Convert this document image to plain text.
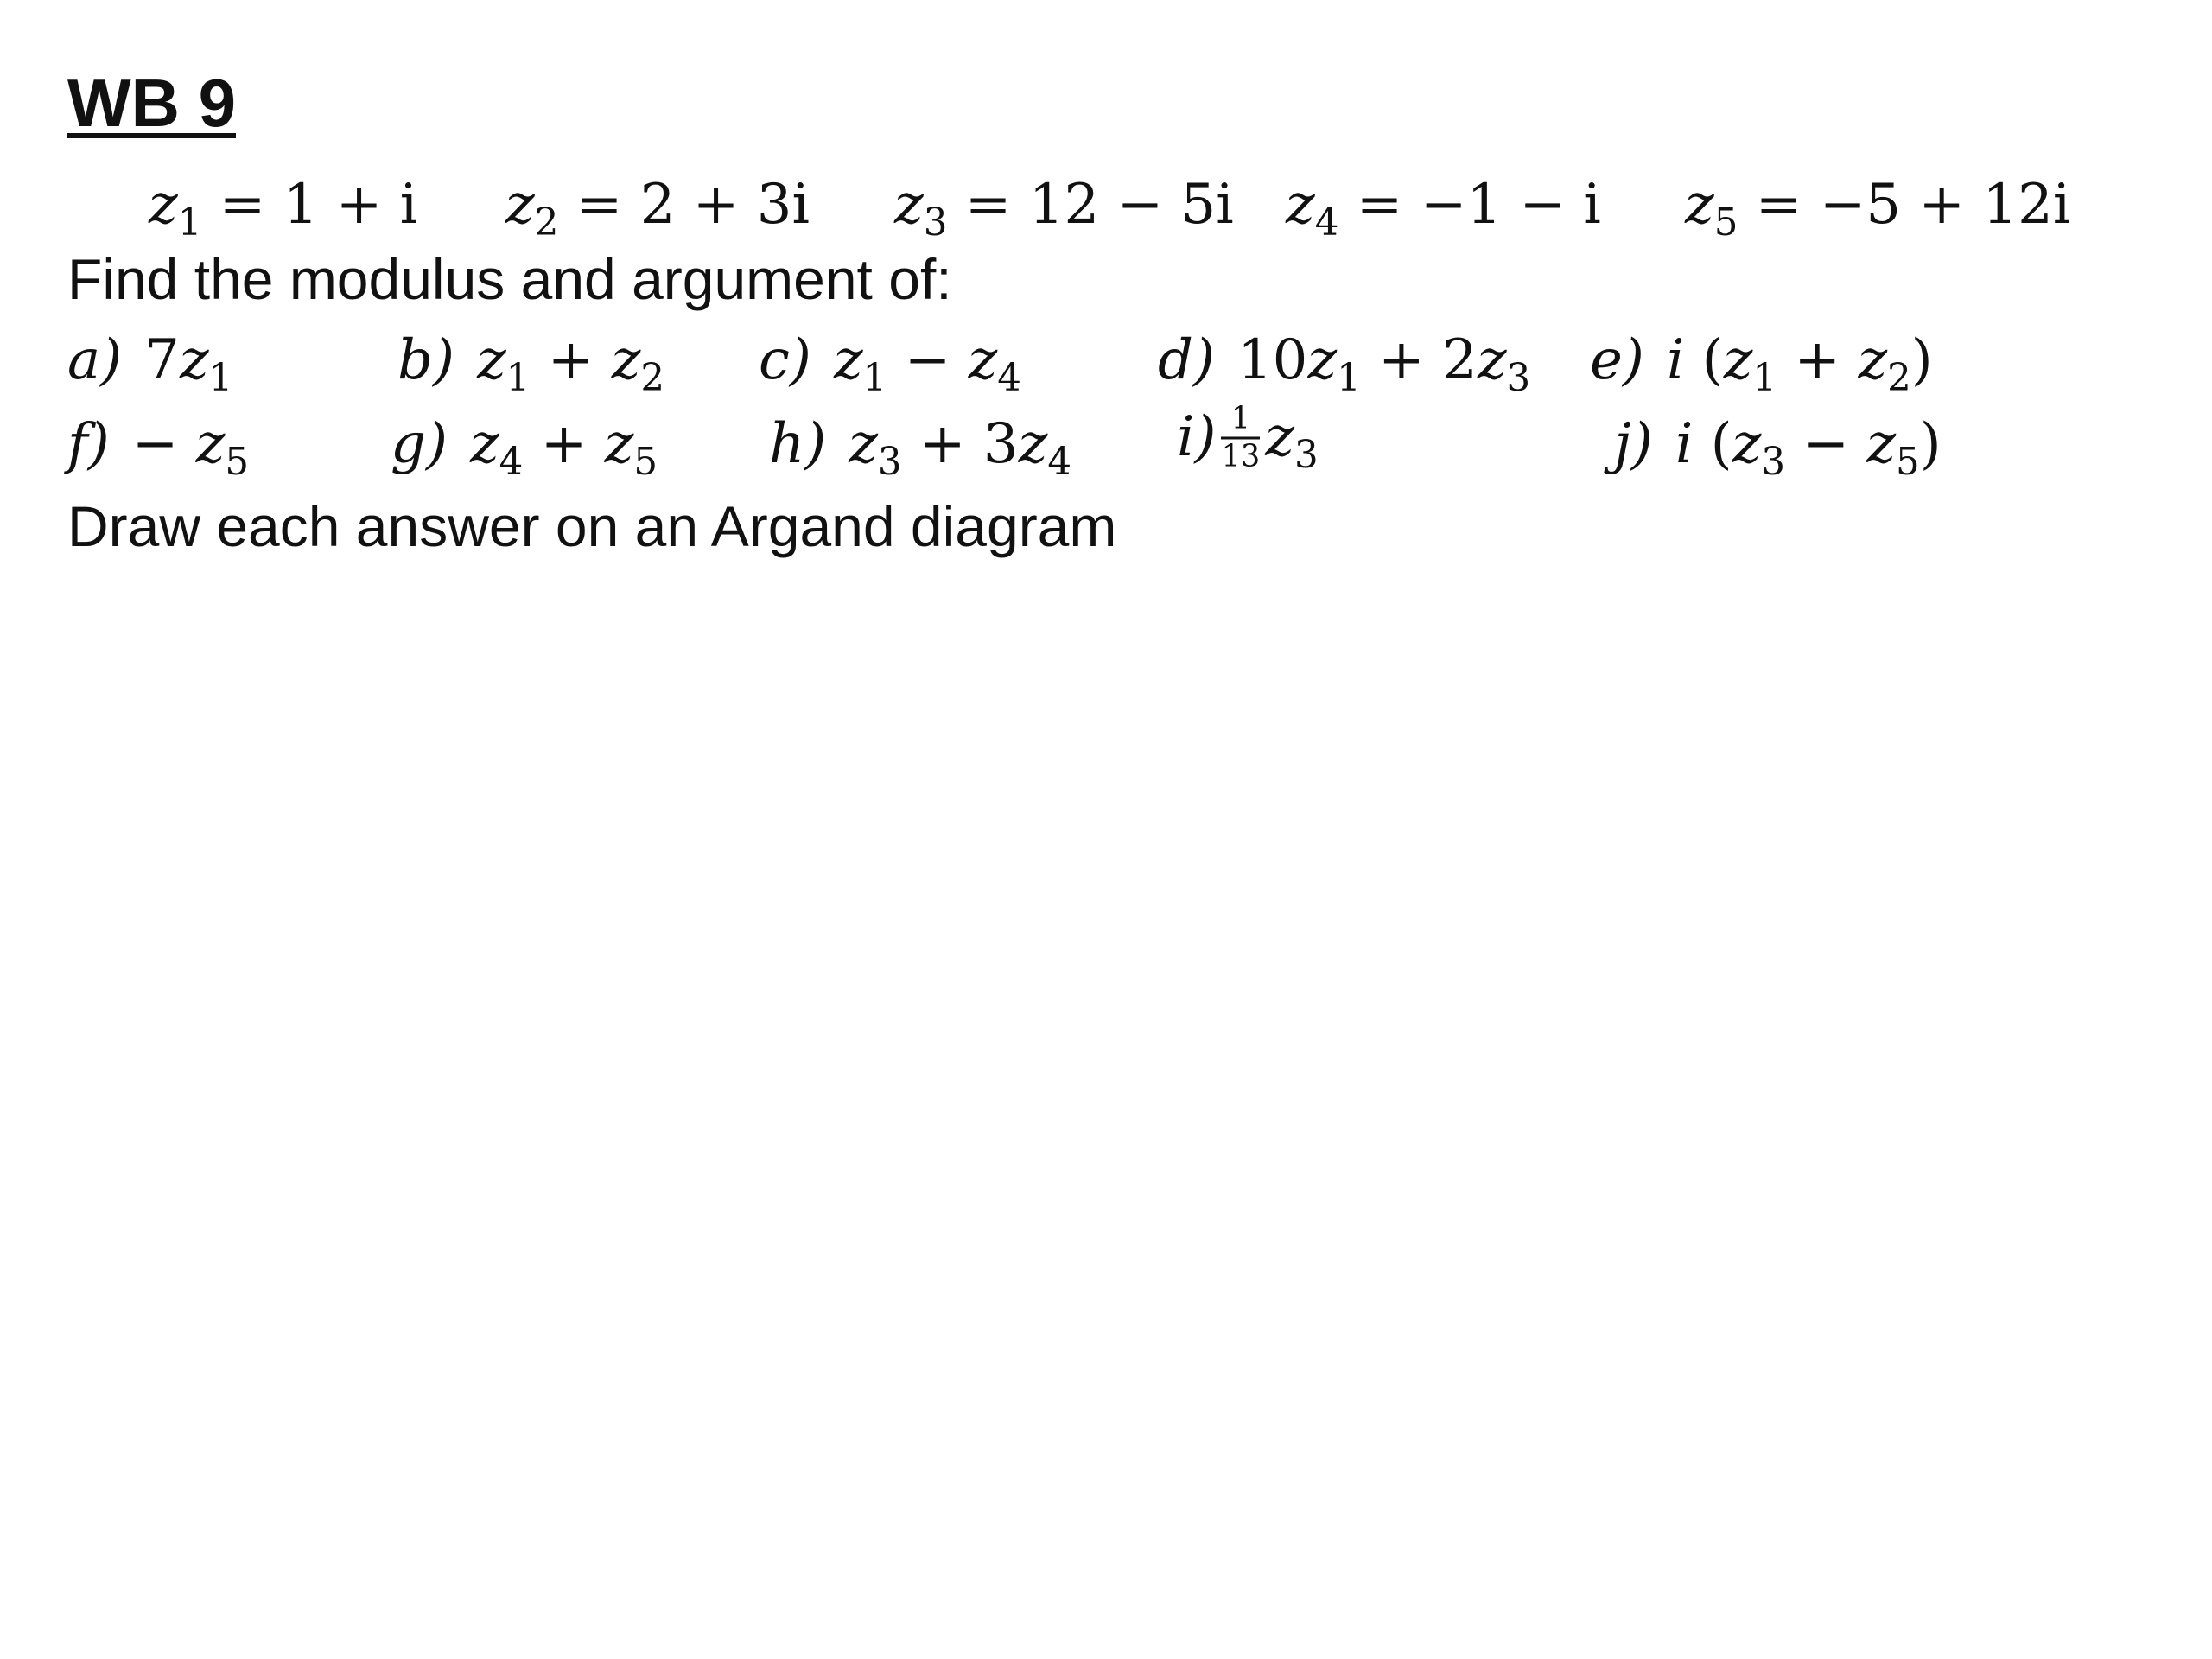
WB 9
$z_1 = 1 + i$ $z_2 = 2 + 3i$ $z_3 = 12 - 5i$ $z_4 = -1 - i$ $z_5 = -5 + 12i$
Find the modulus and argument of:
a) $7z_1$	b) $z_1 + z_2$ c) $z_1 - z_4$ d) $10z_1 + 2z_3$ e) i $(z_1 + z_2)$
$f) - z_5$	g) $z_4 + z_5$ h) $z_3 + 3z_4$ $i) \frac{1}{13} z_3$	j) i $(z_3 - z_5)$
Draw each answer on an Argand diagram
